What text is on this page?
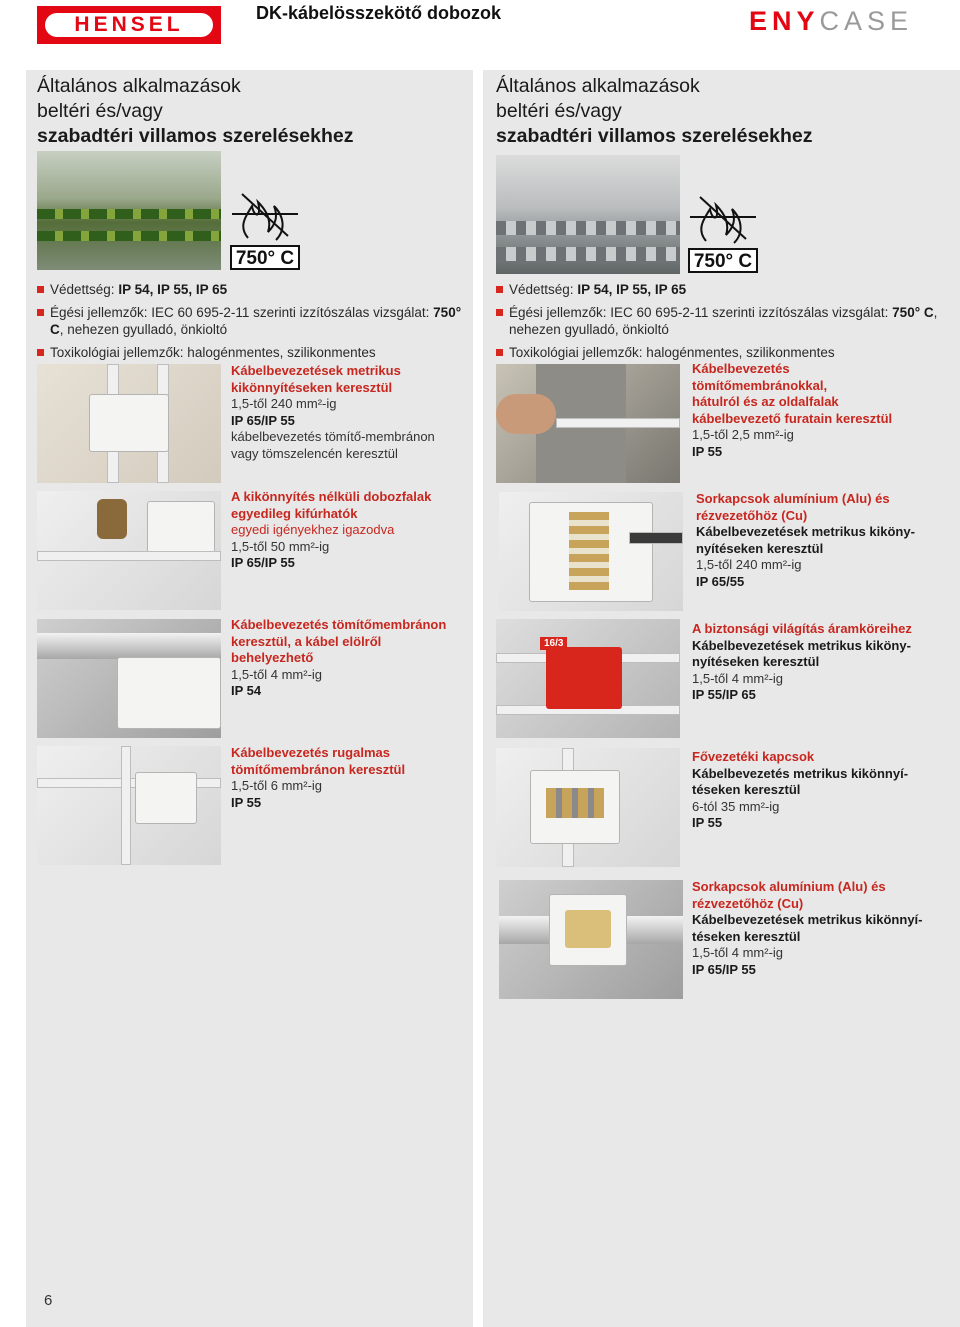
HENSEL	DK-kábelösszekötő dobozok	ENYCASE
Általános alkalmazások
beltéri és/vagy
szabadtéri villamos szerelésekhez
750° C
Védettség: IP 54, IP 55, IP 65
Égési jellemzők: IEC 60 695-2-11 szerinti izzítószálas vizsgálat: 750° C, nehezen gyulladó, önkioltó
Toxikológiai jellemzők: halogénmentes, szilikonmentes
Kábelbevezetések metrikus
kikönnyítéseken keresztül
1,5-től 240 mm²-ig
IP 65/IP 55
kábelbevezetés tömítő-membránon
vagy tömszelencén keresztül
A kikönnyítés nélküli dobozfalak
egyedileg kifúrhatók
egyedi igényekhez igazodva
1,5-től 50 mm²-ig
IP 65/IP 55
Kábelbevezetés tömítőmembránon
keresztül, a kábel elölről
behelyezhető
1,5-től 4 mm²-ig
IP 54
Kábelbevezetés rugalmas
tömítőmembránon keresztül
1,5-től 6 mm²-ig
IP 55
Általános alkalmazások
beltéri és/vagy
szabadtéri villamos szerelésekhez
750° C
Védettség: IP 54, IP 55, IP 65
Égési jellemzők: IEC 60 695-2-11 szerinti izzítószálas vizsgálat: 750° C, nehezen gyulladó, önkioltó
Toxikológiai jellemzők: halogénmentes, szilikonmentes
Kábelbevezetés
tömítőmembránokkal,
hátulról és az oldalfalak
kábelbevezető furatain keresztül
1,5-től 2,5 mm²-ig
IP 55
Sorkapcsok alumínium (Alu) és
rézvezetőhöz (Cu)
Kábelbevezetések metrikus kiköny-
nyítéseken keresztül
1,5-től 240 mm²-ig
IP 65/55
16/3
A biztonsági világítás áramköreihez
Kábelbevezetések metrikus kiköny-
nyítéseken keresztül
1,5-től 4 mm²-ig
IP 55/IP 65
Fővezetéki kapcsok
Kábelbevezetés metrikus kikönnyí-
téseken keresztül
6-tól 35 mm²-ig
IP 55
Sorkapcsok alumínium (Alu) és
rézvezetőhöz (Cu)
Kábelbevezetések metrikus kikönnyí-
téseken keresztül
1,5-től 4 mm²-ig
IP 65/IP 55
6
